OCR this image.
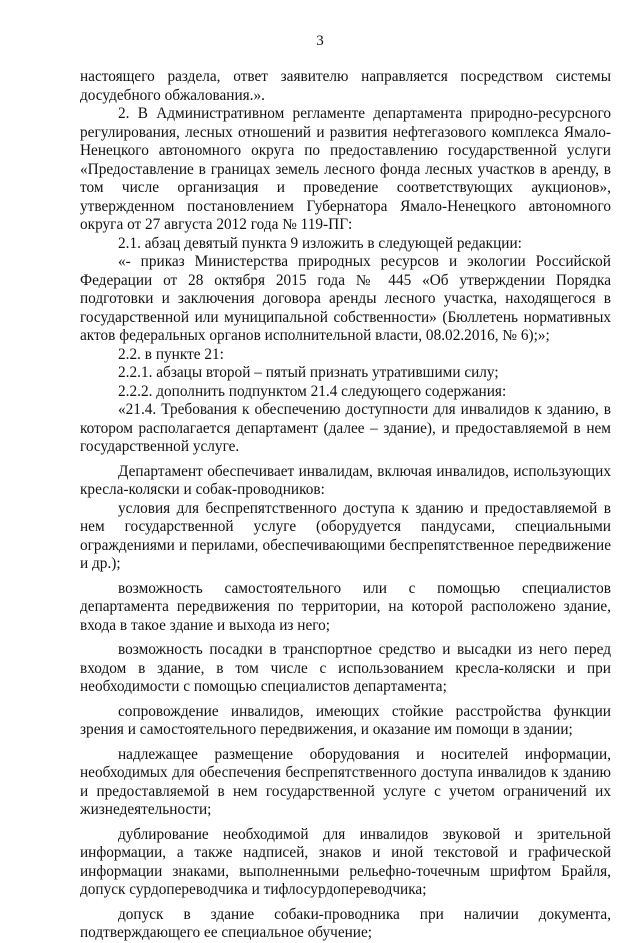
3

настоящего раздела, ответ заявителю направляется посредством системы досудебного обжалования.».

2. В Административном регламенте департамента природно-ресурсного регулирования, лесных отношений и развития нефтегазового комплекса Ямало-Ненецкого автономного округа по предоставлению государственной услуги «Предоставление в границах земель лесного фонда лесных участков в аренду, в том числе организация и проведение соответствующих аукционов», утвержденном постановлением Губернатора Ямало-Ненецкого автономного округа от 27 августа 2012 года № 119-ПГ:

2.1. абзац девятый пункта 9 изложить в следующей редакции:

«- приказ Министерства природных ресурсов и экологии Российской Федерации от 28 октября 2015 года № 445 «Об утверждении Порядка подготовки и заключения договора аренды лесного участка, находящегося в государственной или муниципальной собственности» (Бюллетень нормативных актов федеральных органов исполнительной власти, 08.02.2016, № 6);»;

2.2. в пункте 21:

2.2.1. абзацы второй – пятый признать утратившими силу;

2.2.2. дополнить подпунктом 21.4 следующего содержания:

«21.4. Требования к обеспечению доступности для инвалидов к зданию, в котором располагается департамент (далее – здание), и предоставляемой в нем государственной услуге.

Департамент обеспечивает инвалидам, включая инвалидов, использующих кресла-коляски и собак-проводников:

условия для беспрепятственного доступа к зданию и предоставляемой в нем государственной услуге (оборудуется пандусами, специальными ограждениями и перилами, обеспечивающими беспрепятственное передвижение и др.);

возможность самостоятельного или с помощью специалистов департамента передвижения по территории, на которой расположено здание, входа в такое здание и выхода из него;

возможность посадки в транспортное средство и высадки из него перед входом в здание, в том числе с использованием кресла-коляски и при необходимости с помощью специалистов департамента;

сопровождение инвалидов, имеющих стойкие расстройства функции зрения и самостоятельного передвижения, и оказание им помощи в здании;

надлежащее размещение оборудования и носителей информации, необходимых для обеспечения беспрепятственного доступа инвалидов к зданию и предоставляемой в нем государственной услуге с учетом ограничений их жизнедеятельности;

дублирование необходимой для инвалидов звуковой и зрительной информации, а также надписей, знаков и иной текстовой и графической информации знаками, выполненными рельефно-точечным шрифтом Брайля, допуск сурдопереводчика и тифлосурдопереводчика;

допуск в здание собаки-проводника при наличии документа, подтверждающего ее специальное обучение;
